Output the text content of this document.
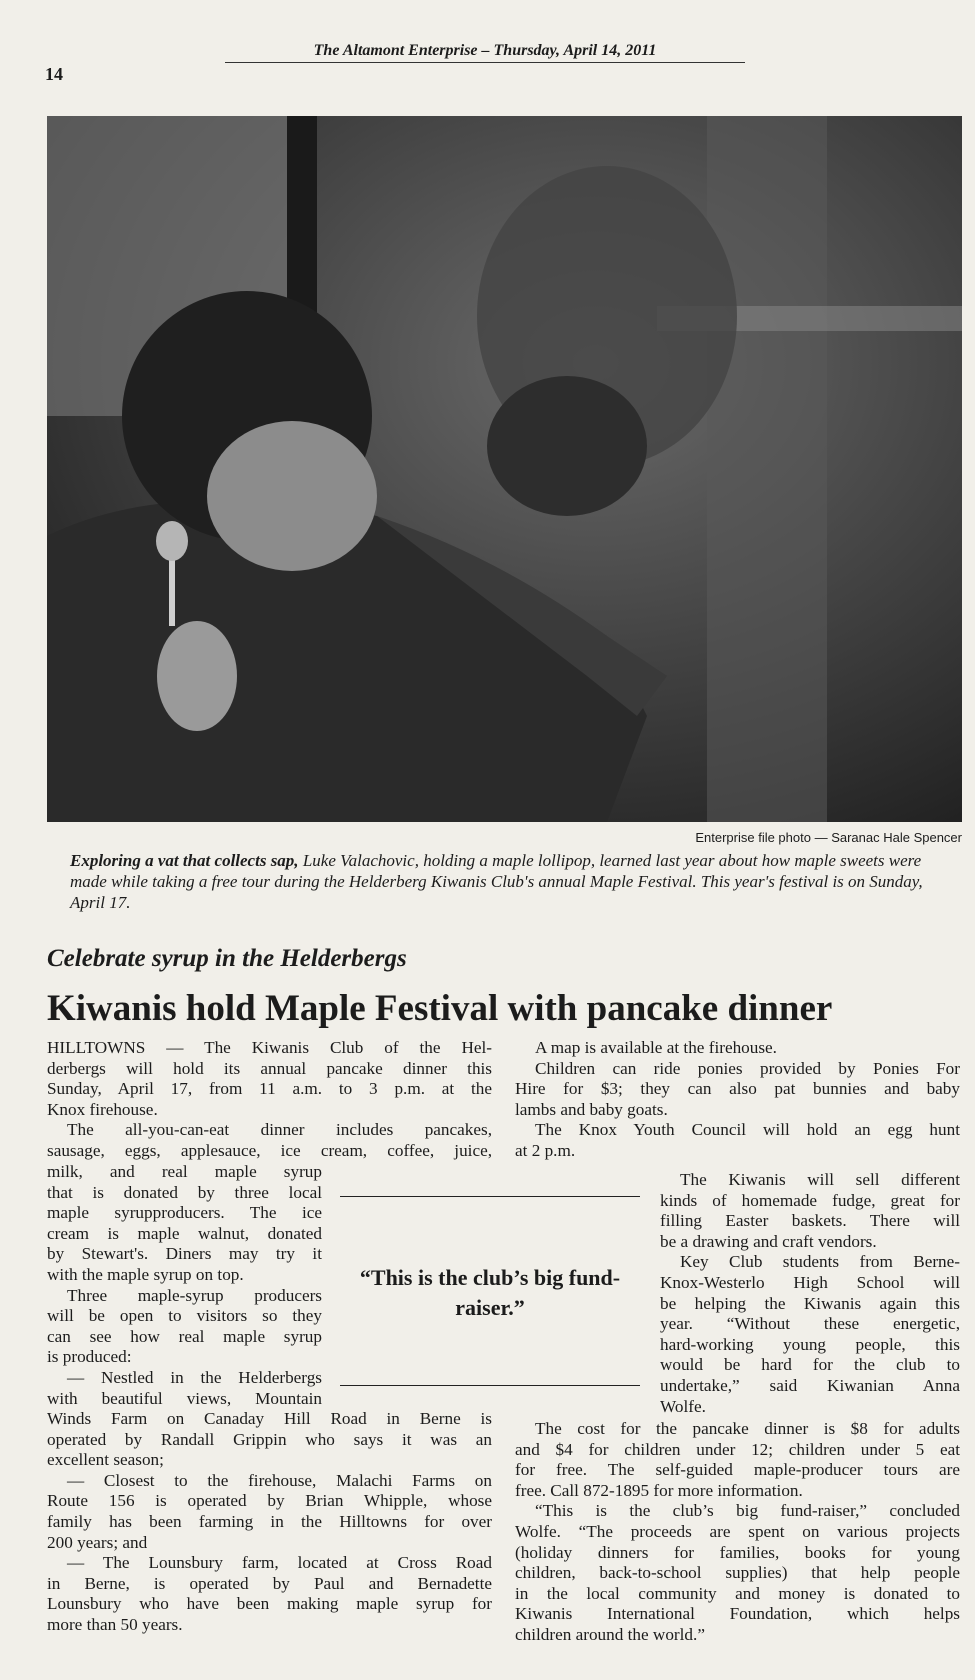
14
The Altamont Enterprise – Thursday, April 14, 2011
Enterprise file photo — Saranac Hale Spencer
Exploring a vat that collects sap, Luke Valachovic, holding a maple lollipop, learned last year about how maple sweets were made while taking a free tour during the Helderberg Kiwanis Club's annual Maple Festival. This year's festival is on Sunday, April 17.
Celebrate syrup in the Helderbergs
Kiwanis hold Maple Festival with pancake dinner
HILLTOWNS — The Kiwanis Club of the Hel-
derbergs will hold its annual pancake dinner this
Sunday, April 17, from 11 a.m. to 3 p.m. at the
Knox firehouse.
The all-you-can-eat dinner includes pancakes,
sausage, eggs, applesauce, ice cream, coffee, juice,
milk, and real maple syrup
that is donated by three local
maple syrupproducers. The ice
cream is maple walnut, donated
by Stewart's. Diners may try it
with the maple syrup on top.
Three maple-syrup producers
will be open to visitors so they
can see how real maple syrup
is produced:
— Nestled in the Helderbergs
with beautiful views, Mountain
Winds Farm on Canaday Hill Road in Berne is
operated by Randall Grippin who says it was an
excellent season;
— Closest to the firehouse, Malachi Farms on
Route 156 is operated by Brian Whipple, whose
family has been farming in the Hilltowns for over
200 years; and
— The Lounsbury farm, located at Cross Road
in Berne, is operated by Paul and Bernadette
Lounsbury who have been making maple syrup for
more than 50 years.
“This is the club’s big fund-raiser.”
A map is available at the firehouse.
Children can ride ponies provided by Ponies For
Hire for $3; they can also pat bunnies and baby
lambs and baby goats.
The Knox Youth Council will hold an egg hunt
at 2 p.m.
The Kiwanis will sell different
kinds of homemade fudge, great for
filling Easter baskets. There will
be a drawing and craft vendors.
Key Club students from Berne-
Knox-Westerlo High School will
be helping the Kiwanis again this
year. “Without these energetic,
hard-working young people, this
would be hard for the club to
undertake,” said Kiwanian Anna
Wolfe.
The cost for the pancake dinner is $8 for adults
and $4 for children under 12; children under 5 eat
for free. The self-guided maple-producer tours are
free. Call 872-1895 for more information.
“This is the club’s big fund-raiser,” concluded
Wolfe. “The proceeds are spent on various projects
(holiday dinners for families, books for young
children, back-to-school supplies) that help people
in the local community and money is donated to
Kiwanis International Foundation, which helps
children around the world.”
